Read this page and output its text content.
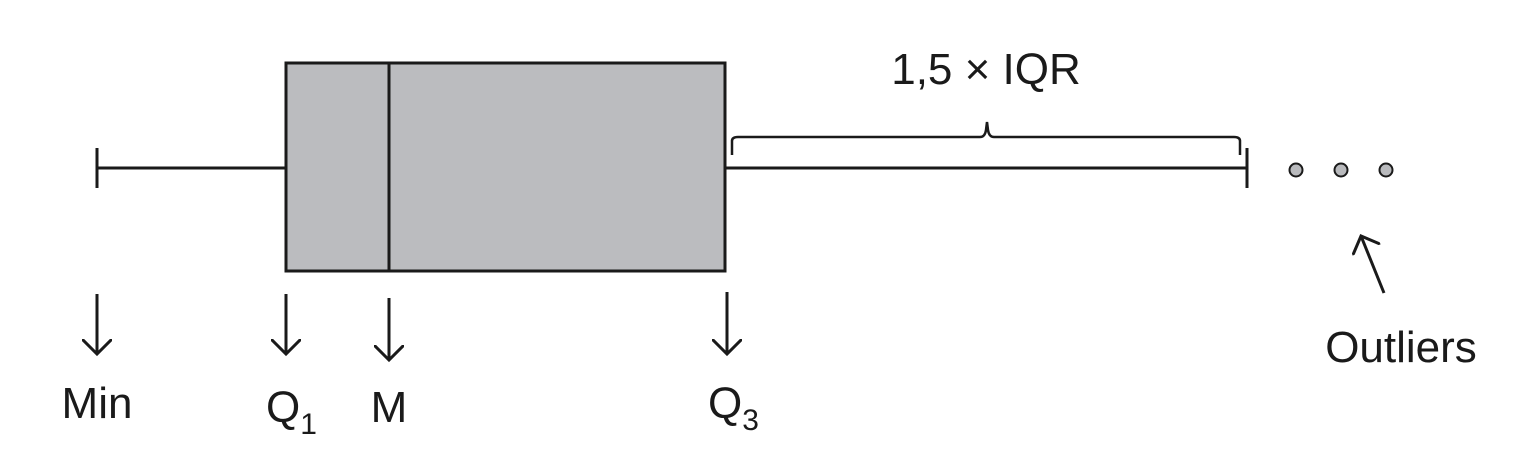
1,5 × IQR
Min	$Q_1$ M	$Q_3$
Outliers
